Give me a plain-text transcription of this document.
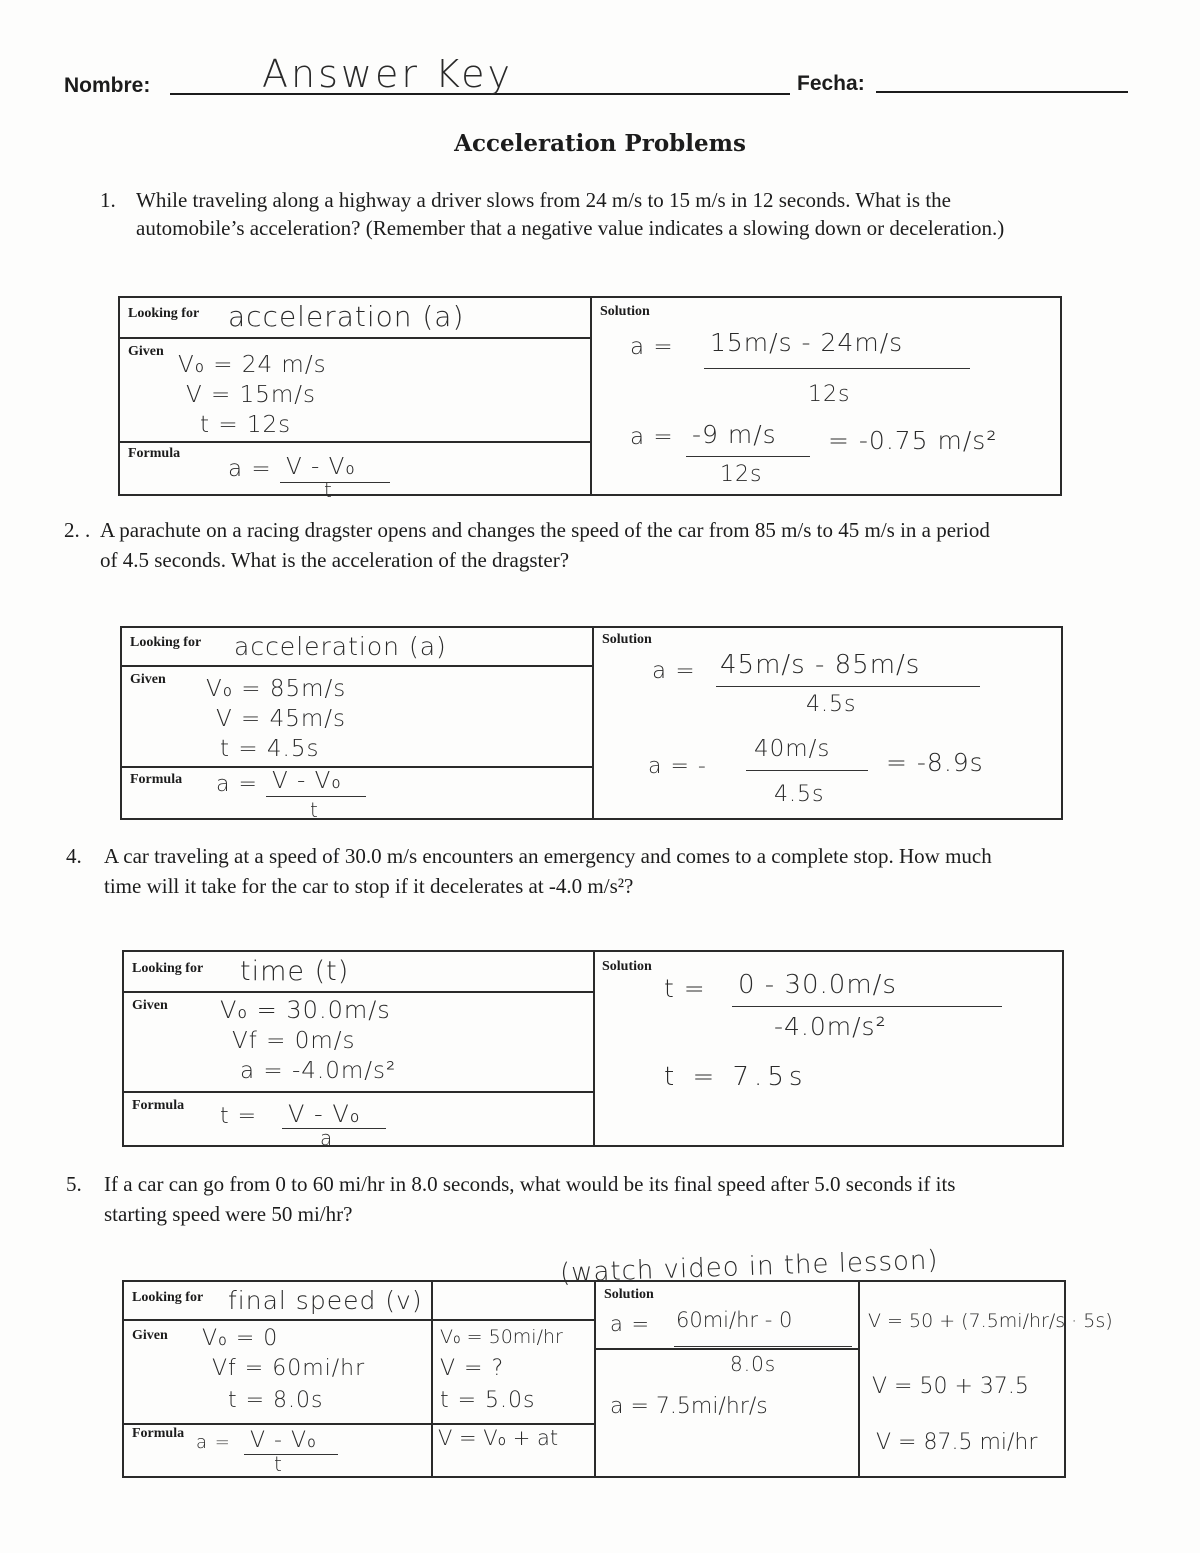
Nombre:	Answer Key	Fecha:
Acceleration Problems
1. While traveling along a highway a driver slows from 24 m/s to 15 m/s in 12 seconds. What is the
automobile’s acceleration? (Remember that a negative value indicates a slowing down or deceleration.)
Looking for
Given
Formula
Solution
acceleration (a)
V₀ = 24 m/s
V = 15m/s
t = 12s
a = V - V₀
t
a = 15m/s - 24m/s
12s
a = -9 m/s
12s
= -0.75 m/s²
2. . A parachute on a racing dragster opens and changes the speed of the car from 85 m/s to 45 m/s in a period
of 4.5 seconds. What is the acceleration of the dragster?
Looking for
Given
Formula
Solution
acceleration (a)
V₀ = 85m/s
V = 45m/s
t = 4.5s
a = V - V₀
t
a = 45m/s - 85m/s
4.5s
a = -
40m/s
4.5s
= -8.9s
4. A car traveling at a speed of 30.0 m/s encounters an emergency and comes to a complete stop. How much
time will it take for the car to stop if it decelerates at -4.0 m/s²?
Looking for
Given
Formula
Solution
time (t)
V₀ = 30.0m/s
Vf = 0m/s
a = -4.0m/s²
t = V - V₀
a
t = 0 - 30.0m/s
-4.0m/s²
t = 7.5s
5. If a car can go from 0 to 60 mi/hr in 8.0 seconds, what would be its final speed after 5.0 seconds if its
starting speed were 50 mi/hr?
(watch video in the lesson)
Looking for
Given
Formula
Solution
final speed (v)
V₀ = 0
Vf = 60mi/hr
t = 8.0s
V₀ = 50mi/hr
V = ?
t = 5.0s
a = V - V₀
t
V = V₀ + at
a = 60mi/hr - 0
8.0s
a = 7.5mi/hr/s
V = 50 + (7.5mi/hr/s · 5s)
V = 50 + 37.5
V = 87.5 mi/hr
